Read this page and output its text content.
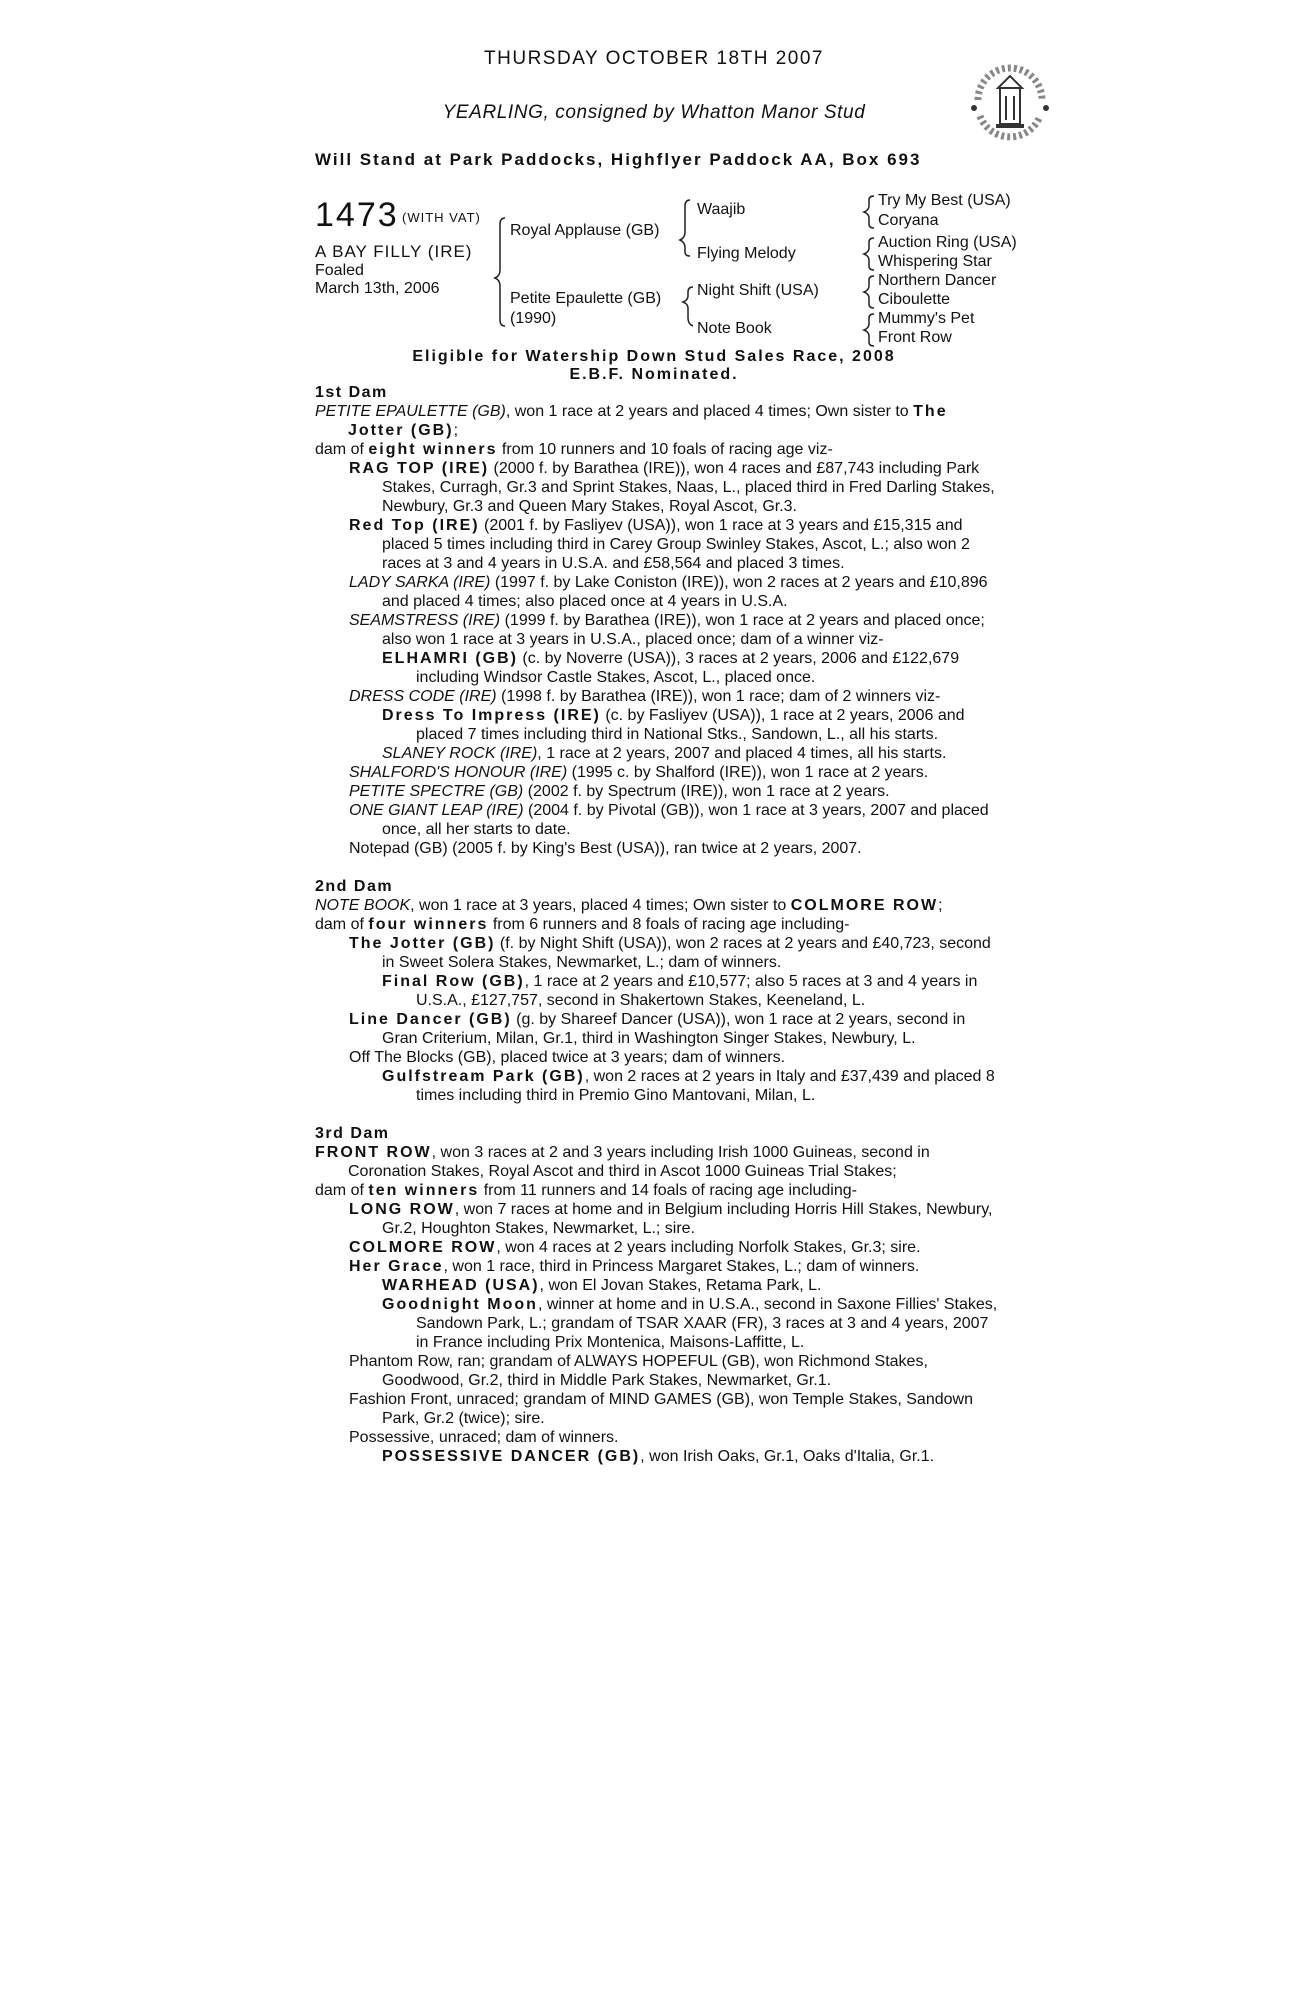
THURSDAY OCTOBER 18TH 2007
YEARLING, consigned by Whatton Manor Stud
Will Stand at Park Paddocks, Highflyer Paddock AA, Box 693
1473 (WITH VAT)
A BAY FILLY (IRE)
Foaled
March 13th, 2006
Royal Applause (GB)
Petite Epaulette (GB)
(1990)
Waajib
Flying Melody
Night Shift (USA)
Note Book
Try My Best (USA)
Coryana
Auction Ring (USA)
Whispering Star
Northern Dancer
Ciboulette
Mummy's Pet
Front Row
Eligible for Watership Down Stud Sales Race, 2008
E.B.F. Nominated.

1st Dam

PETITE EPAULETTE (GB), won 1 race at 2 years and placed 4 times; Own sister to The Jotter (GB);

dam of eight winners from 10 runners and 10 foals of racing age viz-

RAG TOP (IRE) (2000 f. by Barathea (IRE)), won 4 races and £87,743 including Park Stakes, Curragh, Gr.3 and Sprint Stakes, Naas, L., placed third in Fred Darling Stakes, Newbury, Gr.3 and Queen Mary Stakes, Royal Ascot, Gr.3.

Red Top (IRE) (2001 f. by Fasliyev (USA)), won 1 race at 3 years and £15,315 and placed 5 times including third in Carey Group Swinley Stakes, Ascot, L.; also won 2 races at 3 and 4 years in U.S.A. and £58,564 and placed 3 times.

LADY SARKA (IRE) (1997 f. by Lake Coniston (IRE)), won 2 races at 2 years and £10,896 and placed 4 times; also placed once at 4 years in U.S.A.

SEAMSTRESS (IRE) (1999 f. by Barathea (IRE)), won 1 race at 2 years and placed once; also won 1 race at 3 years in U.S.A., placed once; dam of a winner viz-

ELHAMRI (GB) (c. by Noverre (USA)), 3 races at 2 years, 2006 and £122,679 including Windsor Castle Stakes, Ascot, L., placed once.

DRESS CODE (IRE) (1998 f. by Barathea (IRE)), won 1 race; dam of 2 winners viz-

Dress To Impress (IRE) (c. by Fasliyev (USA)), 1 race at 2 years, 2006 and placed 7 times including third in National Stks., Sandown, L., all his starts.

SLANEY ROCK (IRE), 1 race at 2 years, 2007 and placed 4 times, all his starts.

SHALFORD'S HONOUR (IRE) (1995 c. by Shalford (IRE)), won 1 race at 2 years.

PETITE SPECTRE (GB) (2002 f. by Spectrum (IRE)), won 1 race at 2 years.

ONE GIANT LEAP (IRE) (2004 f. by Pivotal (GB)), won 1 race at 3 years, 2007 and placed once, all her starts to date.

Notepad (GB) (2005 f. by King's Best (USA)), ran twice at 2 years, 2007.

2nd Dam

NOTE BOOK, won 1 race at 3 years, placed 4 times; Own sister to COLMORE ROW;

dam of four winners from 6 runners and 8 foals of racing age including-

The Jotter (GB) (f. by Night Shift (USA)), won 2 races at 2 years and £40,723, second in Sweet Solera Stakes, Newmarket, L.; dam of winners.

Final Row (GB), 1 race at 2 years and £10,577; also 5 races at 3 and 4 years in U.S.A., £127,757, second in Shakertown Stakes, Keeneland, L.

Line Dancer (GB) (g. by Shareef Dancer (USA)), won 1 race at 2 years, second in Gran Criterium, Milan, Gr.1, third in Washington Singer Stakes, Newbury, L.

Off The Blocks (GB), placed twice at 3 years; dam of winners.

Gulfstream Park (GB), won 2 races at 2 years in Italy and £37,439 and placed 8 times including third in Premio Gino Mantovani, Milan, L.

3rd Dam

FRONT ROW, won 3 races at 2 and 3 years including Irish 1000 Guineas, second in Coronation Stakes, Royal Ascot and third in Ascot 1000 Guineas Trial Stakes;

dam of ten winners from 11 runners and 14 foals of racing age including-

LONG ROW, won 7 races at home and in Belgium including Horris Hill Stakes, Newbury, Gr.2, Houghton Stakes, Newmarket, L.; sire.

COLMORE ROW, won 4 races at 2 years including Norfolk Stakes, Gr.3; sire.

Her Grace, won 1 race, third in Princess Margaret Stakes, L.; dam of winners.

WARHEAD (USA), won El Jovan Stakes, Retama Park, L.

Goodnight Moon, winner at home and in U.S.A., second in Saxone Fillies' Stakes, Sandown Park, L.; grandam of TSAR XAAR (FR), 3 races at 3 and 4 years, 2007 in France including Prix Montenica, Maisons-Laffitte, L.

Phantom Row, ran; grandam of ALWAYS HOPEFUL (GB), won Richmond Stakes, Goodwood, Gr.2, third in Middle Park Stakes, Newmarket, Gr.1.

Fashion Front, unraced; grandam of MIND GAMES (GB), won Temple Stakes, Sandown Park, Gr.2 (twice); sire.

Possessive, unraced; dam of winners.

POSSESSIVE DANCER (GB), won Irish Oaks, Gr.1, Oaks d'Italia, Gr.1.
